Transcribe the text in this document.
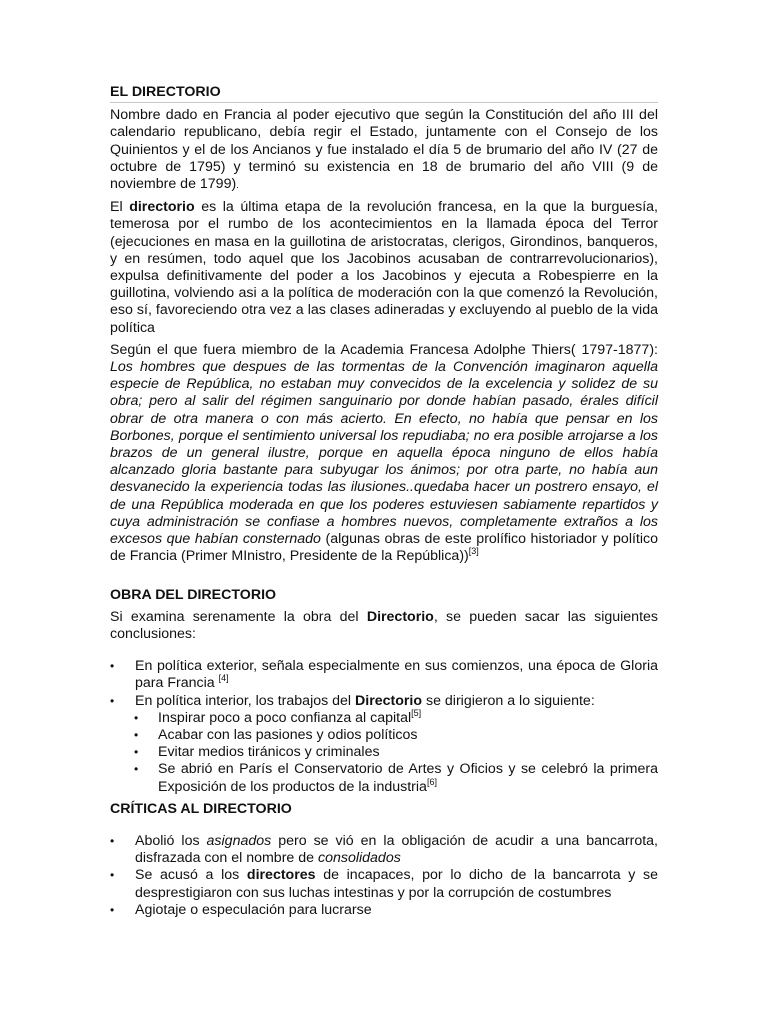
EL DIRECTORIO

Nombre dado en Francia al poder ejecutivo que según la Constitución del año III del calendario republicano, debía regir el Estado, juntamente con el Consejo de los Quinientos y el de los Ancianos y fue instalado el día 5 de brumario del año IV (27 de octubre de 1795) y terminó su existencia en 18 de brumario del año VIII (9 de noviembre de 1799).

El directorio es la última etapa de la revolución francesa, en la que la burguesía, temerosa por el rumbo de los acontecimientos en la llamada época del Terror (ejecuciones en masa en la guillotina de aristocratas, clerigos, Girondinos, banqueros, y en resúmen, todo aquel que los Jacobinos acusaban de contrarrevolucionarios), expulsa definitivamente del poder a los Jacobinos y ejecuta a Robespierre en la guillotina, volviendo asi a la política de moderación con la que comenzó la Revolución, eso sí, favoreciendo otra vez a las clases adineradas y excluyendo al pueblo de la vida política

Según el que fuera miembro de la Academia Francesa Adolphe Thiers( 1797-1877): Los hombres que despues de las tormentas de la Convención imaginaron aquella especie de República, no estaban muy convecidos de la excelencia y solidez de su obra; pero al salir del régimen sanguinario por donde habían pasado, érales difícil obrar de otra manera o con más acierto. En efecto, no había que pensar en los Borbones, porque el sentimiento universal los repudiaba; no era posible arrojarse a los brazos de un general ilustre, porque en aquella época ninguno de ellos había alcanzado gloria bastante para subyugar los ánimos; por otra parte, no había aun desvanecido la experiencia todas las ilusiones..quedaba hacer un postrero ensayo, el de una República moderada en que los poderes estuviesen sabiamente repartidos y cuya administración se confiase a hombres nuevos, completamente extraños a los excesos que habían consternado (algunas obras de este prolífico historiador y político de Francia (Primer MInistro, Presidente de la República))[3]

OBRA DEL DIRECTORIO

Si examina serenamente la obra del Directorio, se pueden sacar las siguientes conclusiones:

• En política exterior, señala especialmente en sus comienzos, una época de Gloria para Francia [4]
• En política interior, los trabajos del Directorio se dirigieron a lo siguiente:
• Inspirar poco a poco confianza al capital[5]
• Acabar con las pasiones y odios políticos
• Evitar medios tiránicos y criminales
• Se abrió en París el Conservatorio de Artes y Oficios y se celebró la primera Exposición de los productos de la industria[6]
CRÍTICAS AL DIRECTORIO
• Abolió los asignados pero se vió en la obligación de acudir a una bancarrota, disfrazada con el nombre de consolidados
• Se acusó a los directores de incapaces, por lo dicho de la bancarrota y se desprestigiaron con sus luchas intestinas y por la corrupción de costumbres
• Agiotaje o especulación para lucrarse
